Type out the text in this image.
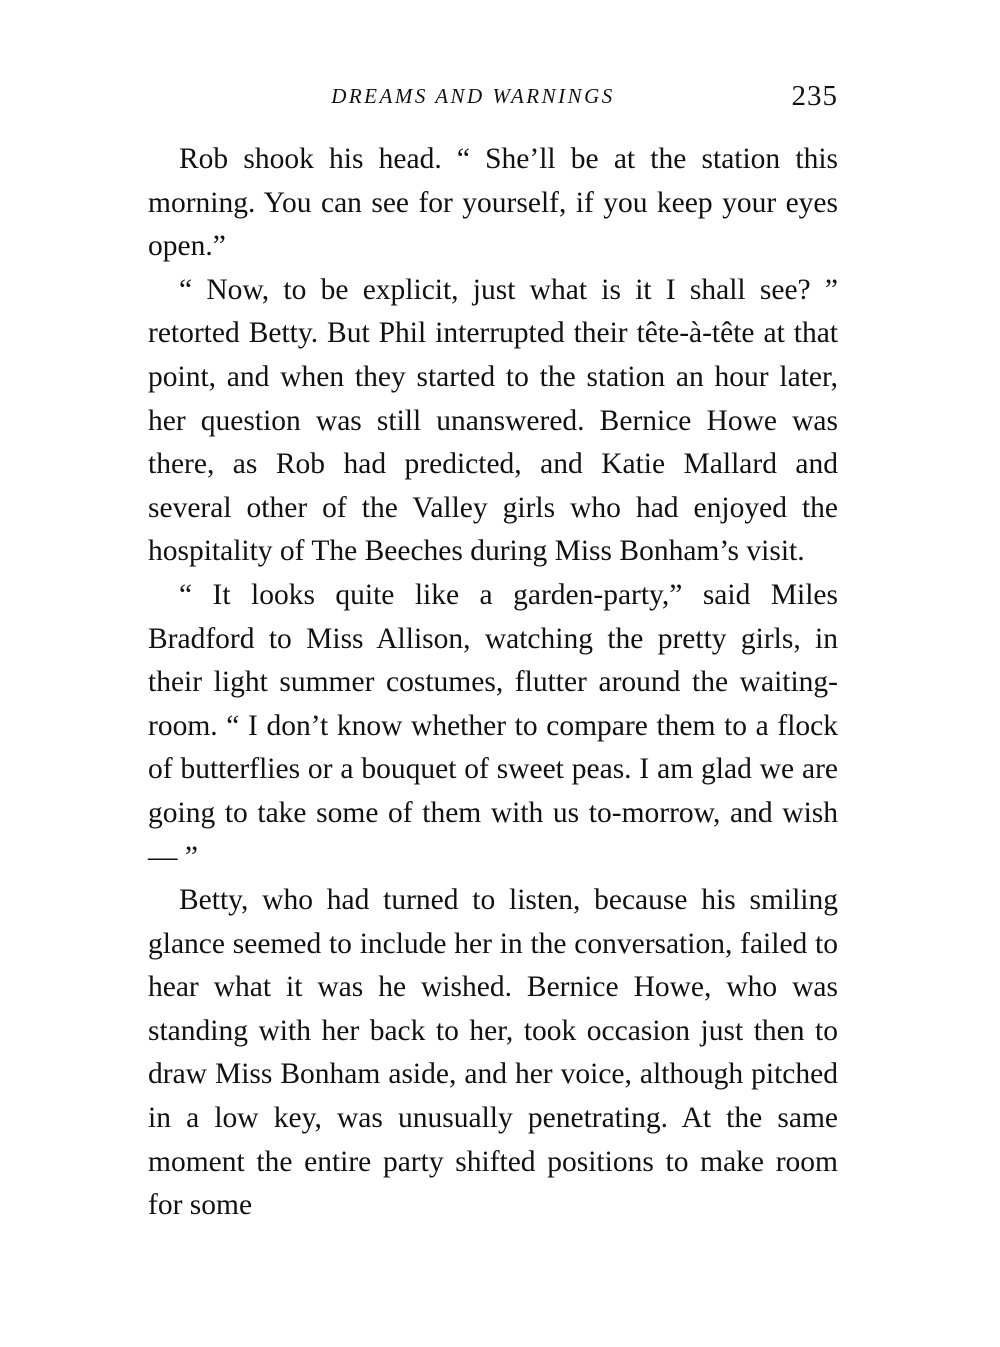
DREAMS AND WARNINGS	235

Rob shook his head. “ She’ll be at the station this morning. You can see for yourself, if you keep your eyes open.”

“ Now, to be explicit, just what is it I shall see? ” retorted Betty. But Phil interrupted their tête-à-tête at that point, and when they started to the station an hour later, her question was still unanswered. Bernice Howe was there, as Rob had predicted, and Katie Mallard and several other of the Valley girls who had enjoyed the hospitality of The Beeches during Miss Bonham’s visit.

“ It looks quite like a garden-party,” said Miles Bradford to Miss Allison, watching the pretty girls, in their light summer costumes, flutter around the waiting-room. “ I don’t know whether to compare them to a flock of butterflies or a bouquet of sweet peas. I am glad we are going to take some of them with us to-morrow, and wish — ”

Betty, who had turned to listen, because his smiling glance seemed to include her in the conversation, failed to hear what it was he wished. Bernice Howe, who was standing with her back to her, took occasion just then to draw Miss Bonham aside, and her voice, although pitched in a low key, was unusually penetrating. At the same moment the entire party shifted positions to make room for some
